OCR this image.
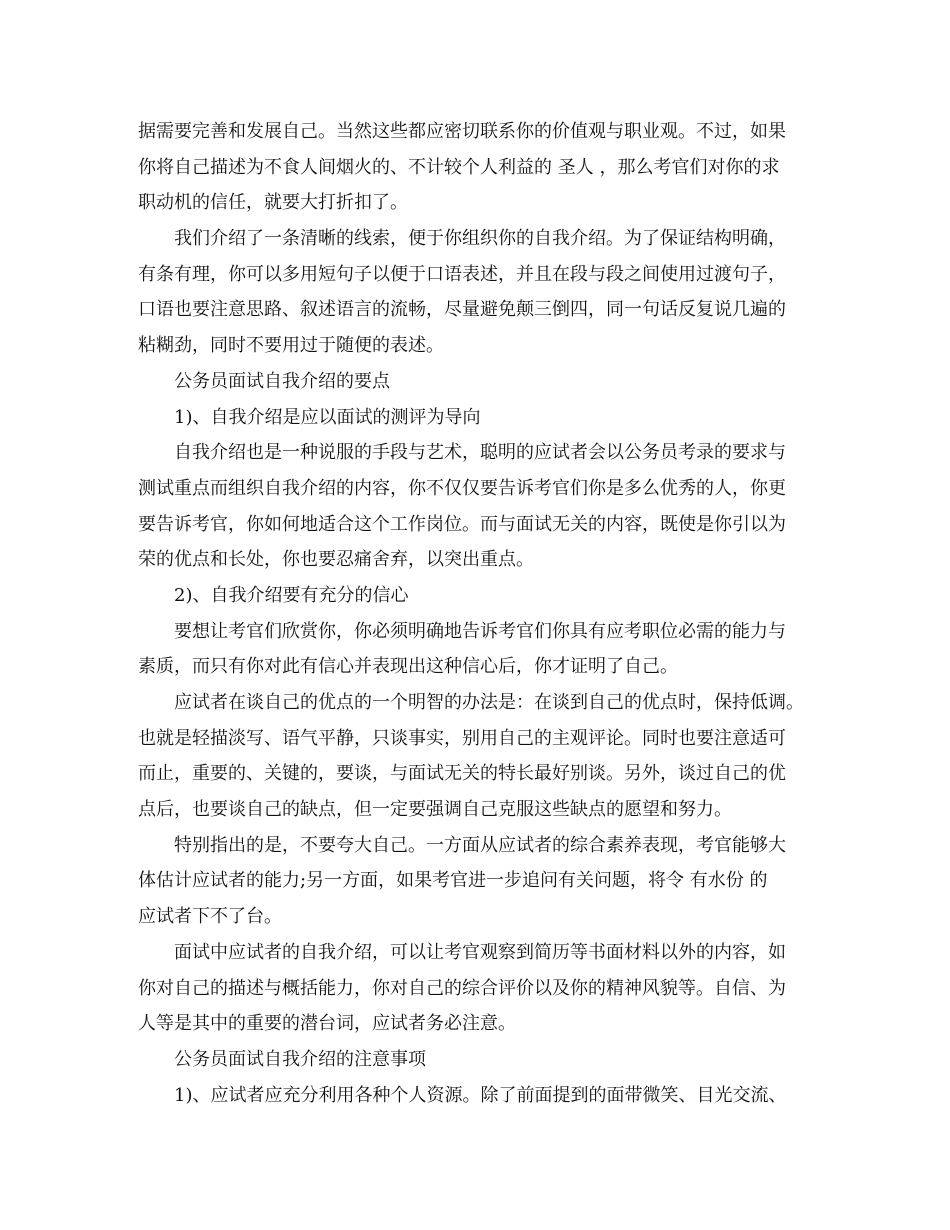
据需要完善和发展自己。当然这些都应密切联系你的价值观与职业观。不过，如果
你将自己描述为不食人间烟火的、不计较个人利益的 圣人 ，那么考官们对你的求
职动机的信任，就要大打折扣了。
我们介绍了一条清晰的线索，便于你组织你的自我介绍。为了保证结构明确，
有条有理，你可以多用短句子以便于口语表述，并且在段与段之间使用过渡句子，
口语也要注意思路、叙述语言的流畅，尽量避免颠三倒四，同一句话反复说几遍的
粘糊劲，同时不要用过于随便的表述。
公务员面试自我介绍的要点
1)、自我介绍是应以面试的测评为导向
自我介绍也是一种说服的手段与艺术，聪明的应试者会以公务员考录的要求与
测试重点而组织自我介绍的内容，你不仅仅要告诉考官们你是多么优秀的人，你更
要告诉考官，你如何地适合这个工作岗位。而与面试无关的内容，既使是你引以为
荣的优点和长处，你也要忍痛舍弃，以突出重点。
2)、自我介绍要有充分的信心
要想让考官们欣赏你，你必须明确地告诉考官们你具有应考职位必需的能力与
素质，而只有你对此有信心并表现出这种信心后，你才证明了自己。
应试者在谈自己的优点的一个明智的办法是：在谈到自己的优点时，保持低调。
也就是轻描淡写、语气平静，只谈事实，别用自己的主观评论。同时也要注意适可
而止，重要的、关键的，要谈，与面试无关的特长最好别谈。另外，谈过自己的优
点后，也要谈自己的缺点，但一定要强调自己克服这些缺点的愿望和努力。
特别指出的是，不要夸大自己。一方面从应试者的综合素养表现，考官能够大
体估计应试者的能力;另一方面，如果考官进一步追问有关问题，将令 有水份 的
应试者下不了台。
面试中应试者的自我介绍，可以让考官观察到简历等书面材料以外的内容，如
你对自己的描述与概括能力，你对自己的综合评价以及你的精神风貌等。自信、为
人等是其中的重要的潜台词，应试者务必注意。
公务员面试自我介绍的注意事项
1)、应试者应充分利用各种个人资源。除了前面提到的面带微笑、目光交流、
